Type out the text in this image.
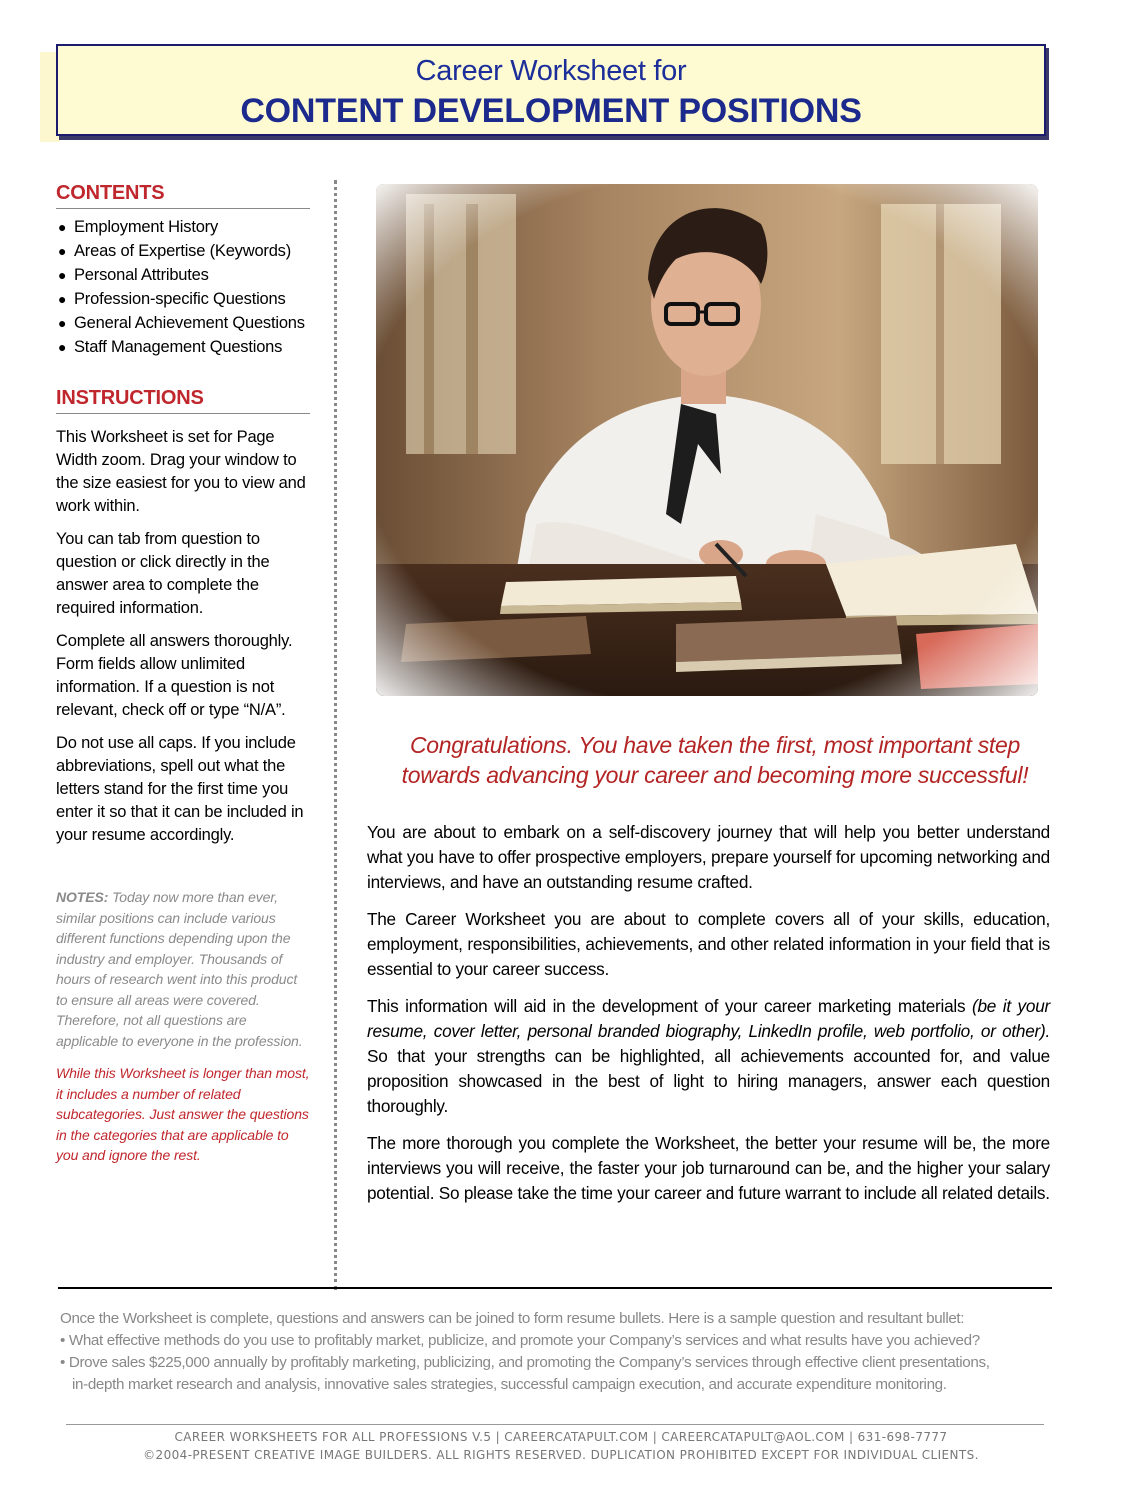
Career Worksheet for
CONTENT DEVELOPMENT POSITIONS
CONTENTS
● Employment History
● Areas of Expertise (Keywords)
● Personal Attributes
● Profession-specific Questions
● General Achievement Questions
● Staff Management Questions
INSTRUCTIONS

This Worksheet is set for Page Width zoom. Drag your window to the size easiest for you to view and work within.

You can tab from question to question or click directly in the answer area to complete the required information.

Complete all answers thoroughly. Form fields allow unlimited information. If a question is not relevant, check off or type “N/A”.

Do not use all caps. If you include abbreviations, spell out what the letters stand for the first time you enter it so that it can be included in your resume accordingly.

NOTES: Today now more than ever, similar positions can include various different functions depending upon the industry and employer. Thousands of hours of research went into this product to ensure all areas were covered. Therefore, not all questions are applicable to everyone in the profession.
While this Worksheet is longer than most, it includes a number of related subcategories. Just answer the questions in the categories that are applicable to you and ignore the rest.
Congratulations. You have taken the first, most important step
towards advancing your career and becoming more successful!

You are about to embark on a self-discovery journey that will help you better understand what you have to offer prospective employers, prepare yourself for upcoming networking and interviews, and have an outstanding resume crafted.

The Career Worksheet you are about to complete covers all of your skills, education, employment, responsibilities, achievements, and other related information in your field that is essential to your career success.

This information will aid in the development of your career marketing materials (be it your resume, cover letter, personal branded biography, LinkedIn profile, web portfolio, or other). So that your strengths can be highlighted, all achievements accounted for, and value proposition showcased in the best of light to hiring managers, answer each question thoroughly.

The more thorough you complete the Worksheet, the better your resume will be, the more interviews you will receive, the faster your job turnaround can be, and the higher your salary potential. So please take the time your career and future warrant to include all related details.

Once the Worksheet is complete, questions and answers can be joined to form resume bullets. Here is a sample question and resultant bullet:
• What effective methods do you use to profitably market, publicize, and promote your Company’s services and what results have you achieved?
• Drove sales $225,000 annually by profitably marketing, publicizing, and promoting the Company’s services through effective client presentations,
in-depth market research and analysis, innovative sales strategies, successful campaign execution, and accurate expenditure monitoring.
CAREER WORKSHEETS FOR ALL PROFESSIONS V.5 | CAREERCATAPULT.COM | CAREERCATAPULT@AOL.COM | 631-698-7777
©2004-PRESENT CREATIVE IMAGE BUILDERS. ALL RIGHTS RESERVED. DUPLICATION PROHIBITED EXCEPT FOR INDIVIDUAL CLIENTS.
